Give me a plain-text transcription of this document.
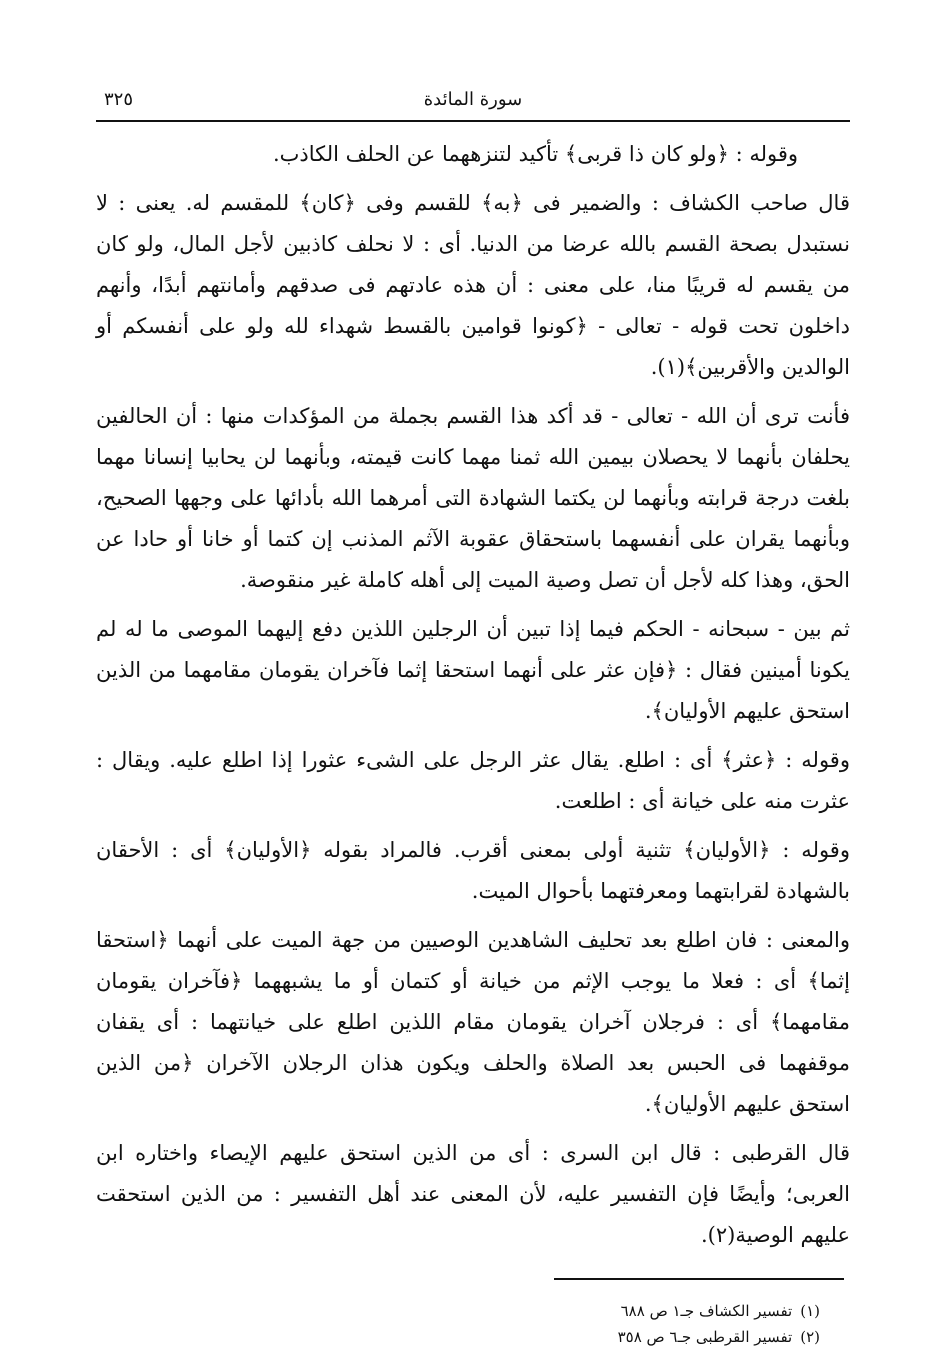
سورة المائدة
٣٢٥

وقوله : ﴿ولو كان ذا قربى﴾ تأكيد لتنزههما عن الحلف الكاذب.

قال صاحب الكشاف : والضمير فى ﴿به﴾ للقسم وفى ﴿كان﴾ للمقسم له. يعنى : لا نستبدل بصحة القسم بالله عرضا من الدنيا. أى : لا نحلف كاذبين لأجل المال، ولو كان من يقسم له قريبًا منا، على معنى : أن هذه عادتهم فى صدقهم وأمانتهم أبدًا، وأنهم داخلون تحت قوله - تعالى - ﴿كونوا قوامين بالقسط شهداء لله ولو على أنفسكم أو الوالدين والأقربين﴾(١).

فأنت ترى أن الله - تعالى - قد أكد هذا القسم بجملة من المؤكدات منها : أن الحالفين يحلفان بأنهما لا يحصلان بيمين الله ثمنا مهما كانت قيمته، وبأنهما لن يحابيا إنسانا مهما بلغت درجة قرابته وبأنهما لن يكتما الشهادة التى أمرهما الله بأدائها على وجهها الصحيح، وبأنهما يقران على أنفسهما باستحقاق عقوبة الآثم المذنب إن كتما أو خانا أو حادا عن الحق، وهذا كله لأجل أن تصل وصية الميت إلى أهله كاملة غير منقوصة.

ثم بين - سبحانه - الحكم فيما إذا تبين أن الرجلين اللذين دفع إليهما الموصى ما له لم يكونا أمينين فقال : ﴿فإن عثر على أنهما استحقا إثما فآخران يقومان مقامهما من الذين استحق عليهم الأوليان﴾.

وقوله : ﴿عثر﴾ أى : اطلع. يقال عثر الرجل على الشىء عثورا إذا اطلع عليه. ويقال : عثرت منه على خيانة أى : اطلعت.

وقوله : ﴿الأوليان﴾ تثنية أولى بمعنى أقرب. فالمراد بقوله ﴿الأوليان﴾ أى : الأحقان بالشهادة لقرابتهما ومعرفتهما بأحوال الميت.

والمعنى : فان اطلع بعد تحليف الشاهدين الوصيين من جهة الميت على أنهما ﴿استحقا إثما﴾ أى : فعلا ما يوجب الإثم من خيانة أو كتمان أو ما يشبههما ﴿فآخران يقومان مقامهما﴾ أى : فرجلان آخران يقومان مقام اللذين اطلع على خيانتهما : أى يقفان موقفهما فى الحبس بعد الصلاة والحلف ويكون هذان الرجلان الآخران ﴿من الذين استحق عليهم الأوليان﴾.

قال القرطبى : قال ابن السرى : أى من الذين استحق عليهم الإيصاء واختاره ابن العربى؛ وأيضًا فإن التفسير عليه، لأن المعنى عند أهل التفسير : من الذين استحقت عليهم الوصية(٢).

(١)تفسير الكشاف جـ١ ص ٦٨٨
(٢)تفسير القرطبى جـ٦ ص ٣٥٨
